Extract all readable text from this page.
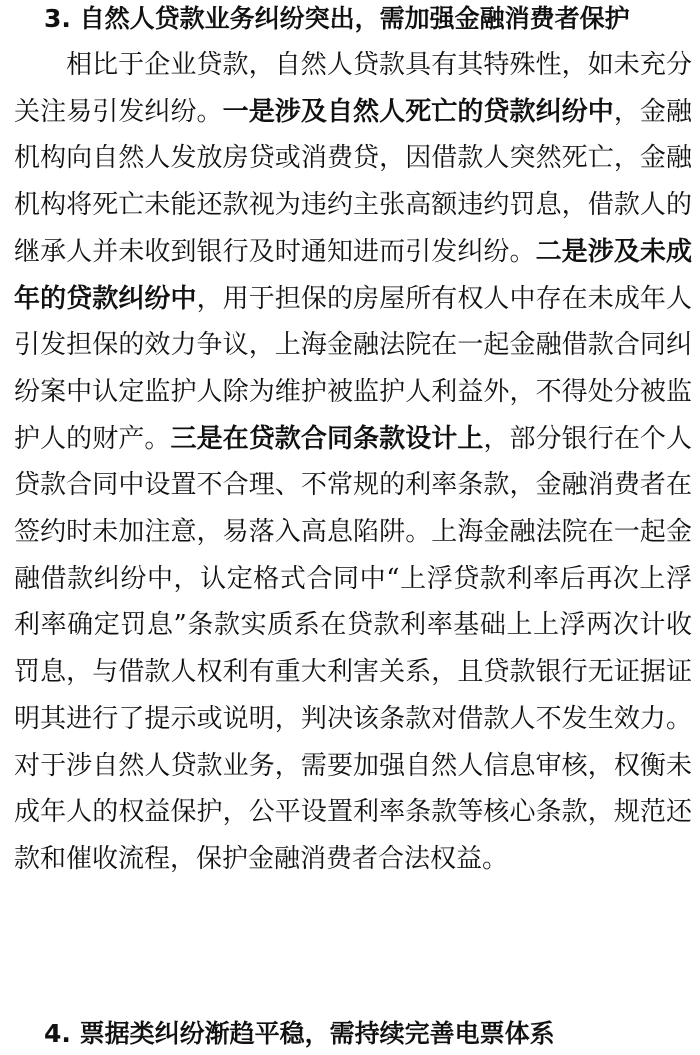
3. 自然人贷款业务纠纷突出，需加强金融消费者保护
相比于企业贷款，自然人贷款具有其特殊性，如未充分
关注易引发纠纷。一是涉及自然人死亡的贷款纠纷中，金融
机构向自然人发放房贷或消费贷，因借款人突然死亡，金融
机构将死亡未能还款视为违约主张高额违约罚息，借款人的
继承人并未收到银行及时通知进而引发纠纷。二是涉及未成
年的贷款纠纷中，用于担保的房屋所有权人中存在未成年人
引发担保的效力争议，上海金融法院在一起金融借款合同纠
纷案中认定监护人除为维护被监护人利益外，不得处分被监
护人的财产。三是在贷款合同条款设计上，部分银行在个人
贷款合同中设置不合理、不常规的利率条款，金融消费者在
签约时未加注意，易落入高息陷阱。上海金融法院在一起金
融借款纠纷中，认定格式合同中“上浮贷款利率后再次上浮
利率确定罚息”条款实质系在贷款利率基础上上浮两次计收
罚息，与借款人权利有重大利害关系，且贷款银行无证据证
明其进行了提示或说明，判决该条款对借款人不发生效力。
对于涉自然人贷款业务，需要加强自然人信息审核，权衡未
成年人的权益保护，公平设置利率条款等核心条款，规范还
款和催收流程，保护金融消费者合法权益。
4. 票据类纠纷渐趋平稳，需持续完善电票体系
